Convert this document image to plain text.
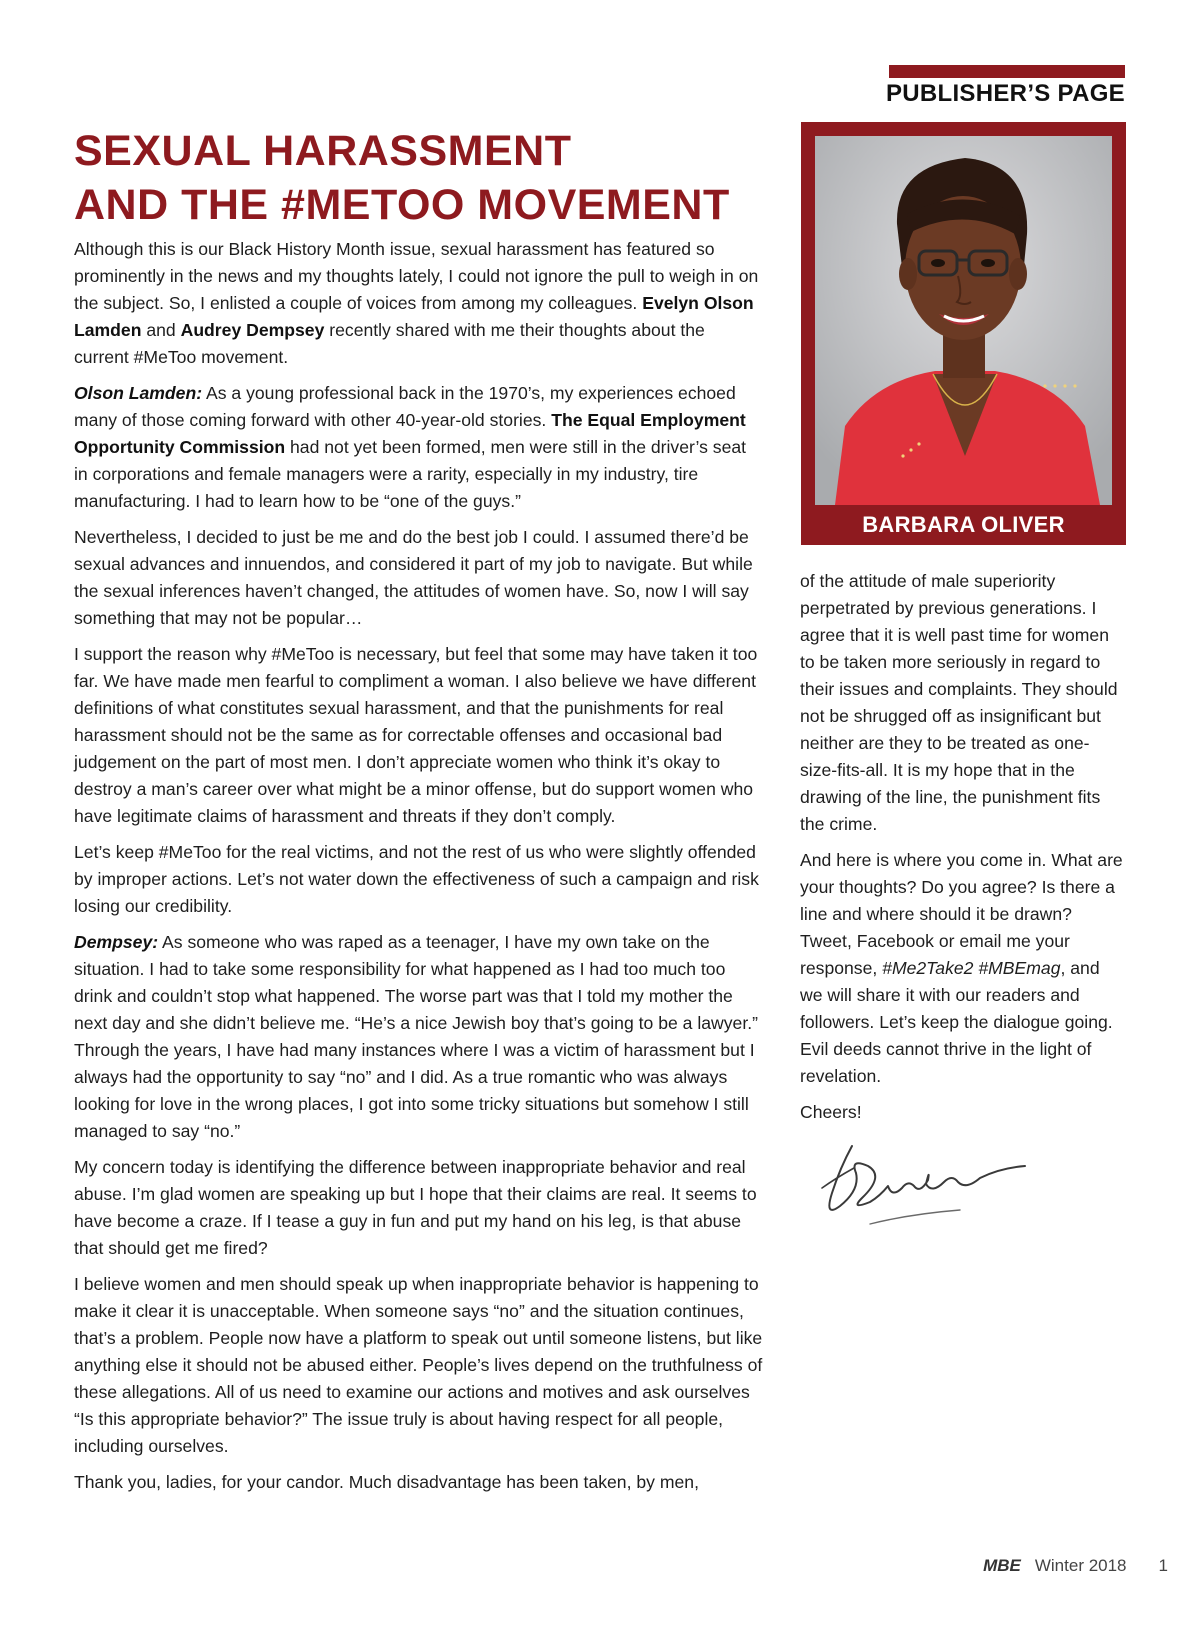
PUBLISHER’S PAGE
SEXUAL HARASSMENT
AND THE #METOO MOVEMENT

Although this is our Black History Month issue, sexual harassment has featured so prominently in the news and my thoughts lately, I could not ignore the pull to weigh in on the subject. So, I enlisted a couple of voices from among my colleagues. Evelyn Olson Lamden and Audrey Dempsey recently shared with me their thoughts about the current #MeToo movement.

Olson Lamden: As a young professional back in the 1970’s, my experiences echoed many of those coming forward with other 40-year-old stories. The Equal Employment Opportunity Commission had not yet been formed, men were still in the driver’s seat in corporations and female managers were a rarity, especially in my industry, tire manufacturing. I had to learn how to be “one of the guys.”

Nevertheless, I decided to just be me and do the best job I could. I assumed there’d be sexual advances and innuendos, and considered it part of my job to navigate. But while the sexual inferences haven’t changed, the attitudes of women have. So, now I will say something that may not be popular…

I support the reason why #MeToo is necessary, but feel that some may have taken it too far. We have made men fearful to compliment a woman. I also believe we have different definitions of what constitutes sexual harassment, and that the punishments for real harassment should not be the same as for correctable offenses and occasional bad judgement on the part of most men. I don’t appreciate women who think it’s okay to destroy a man’s career over what might be a minor offense, but do support women who have legitimate claims of harassment and threats if they don’t comply.

Let’s keep #MeToo for the real victims, and not the rest of us who were slightly offended by improper actions. Let’s not water down the effectiveness of such a campaign and risk losing our credibility.

Dempsey: As someone who was raped as a teenager, I have my own take on the situation. I had to take some responsibility for what happened as I had too much too drink and couldn’t stop what happened. The worse part was that I told my mother the next day and she didn’t believe me. “He’s a nice Jewish boy that’s going to be a lawyer.” Through the years, I have had many instances where I was a victim of harassment but I always had the opportunity to say “no” and I did. As a true romantic who was always looking for love in the wrong places, I got into some tricky situations but somehow I still managed to say “no.”

My concern today is identifying the difference between inappropriate behavior and real abuse. I’m glad women are speaking up but I hope that their claims are real. It seems to have become a craze. If I tease a guy in fun and put my hand on his leg, is that abuse that should get me fired?

I believe women and men should speak up when inappropriate behavior is happening to make it clear it is unacceptable. When someone says “no” and the situation continues, that’s a problem. People now have a platform to speak out until someone listens, but like anything else it should not be abused either. People’s lives depend on the truthfulness of these allegations. All of us need to examine our actions and motives and ask ourselves “Is this appropriate behavior?” The issue truly is about having respect for all people, including ourselves.

Thank you, ladies, for your candor. Much disadvantage has been taken, by men,

BARBARA OLIVER

of the attitude of male superiority perpetrated by previous generations. I agree that it is well past time for women to be taken more seriously in regard to their issues and complaints. They should not be shrugged off as insignificant but neither are they to be treated as one-size-fits-all. It is my hope that in the drawing of the line, the punishment fits the crime.

And here is where you come in. What are your thoughts? Do you agree? Is there a line and where should it be drawn? Tweet, Facebook or email me your response, #Me2Take2 #MBEmag, and we will share it with our readers and followers. Let’s keep the dialogue going. Evil deeds cannot thrive in the light of revelation.

Cheers!

MBE Winter 2018 1
